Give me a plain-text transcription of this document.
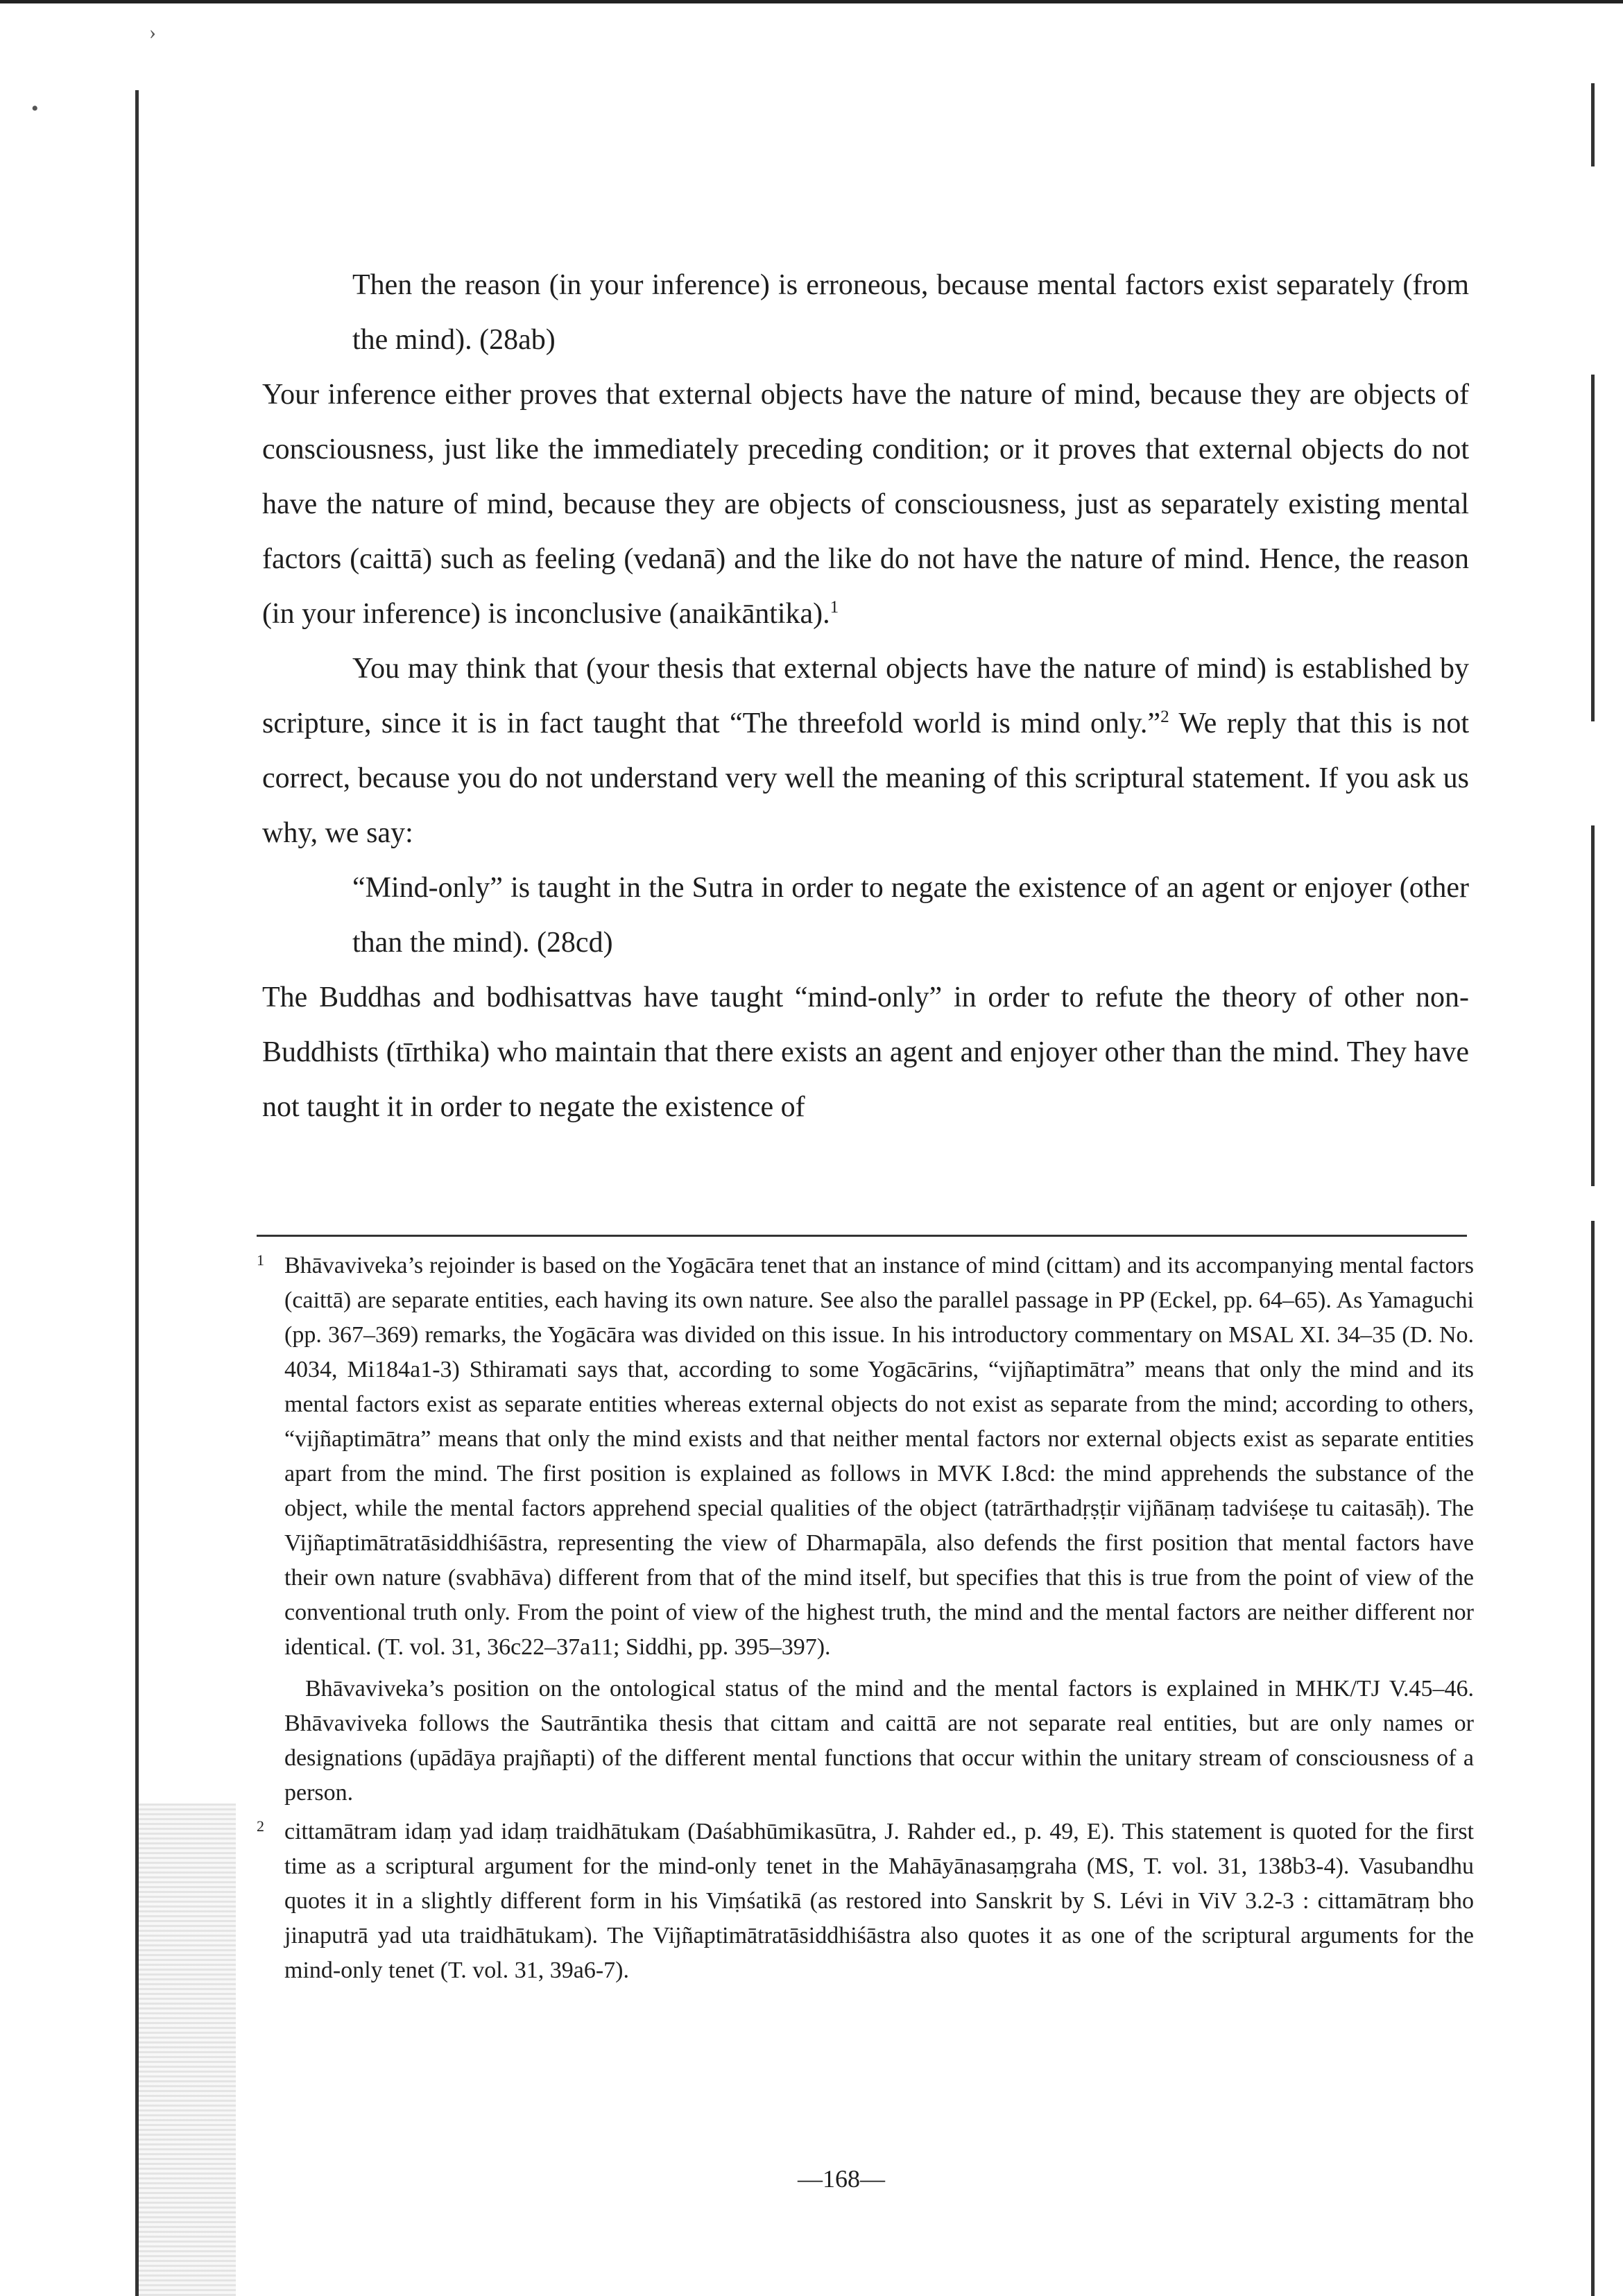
›
•

Then the reason (in your inference) is erroneous, because mental factors exist separately (from the mind). (28ab)

Your inference either proves that external objects have the nature of mind, because they are objects of consciousness, just like the immediately preceding condition; or it proves that external objects do not have the nature of mind, because they are objects of consciousness, just as separately existing mental factors (caittā) such as feeling (vedanā) and the like do not have the nature of mind. Hence, the reason (in your inference) is inconclusive (anaikāntika).$^1$

You may think that (your thesis that external objects have the nature of mind) is established by scripture, since it is in fact taught that “The threefold world is mind only.”$^2$ We reply that this is not correct, because you do not understand very well the meaning of this scriptural statement. If you ask us why, we say:

“Mind-only” is taught in the Sutra in order to negate the existence of an agent or enjoyer (other than the mind). (28cd)

The Buddhas and bodhisattvas have taught “mind-only” in order to refute the theory of other non-Buddhists (tīrthika) who maintain that there exists an agent and enjoyer other than the mind. They have not taught it in order to negate the existence of

1 Bhāvaviveka’s rejoinder is based on the Yogācāra tenet that an instance of mind (cittam) and its accompanying mental factors (caittā) are separate entities, each having its own nature. See also the parallel passage in PP (Eckel, pp. 64–65). As Yamaguchi (pp. 367–369) remarks, the Yogācāra was divided on this issue. In his introductory commentary on MSAL XI. 34–35 (D. No. 4034, Mi184a1-3) Sthiramati says that, according to some Yogācārins, “vijñaptimātra” means that only the mind and its mental factors exist as separate entities whereas external objects do not exist as separate from the mind; according to others, “vijñaptimātra” means that only the mind exists and that neither mental factors nor external objects exist as separate entities apart from the mind. The first position is explained as follows in MVK I.8cd: the mind apprehends the substance of the object, while the mental factors apprehend special qualities of the object (tatrārthadṛṣṭir vijñānaṃ tadviśeṣe tu caitasāḥ). The Vijñaptimātratāsiddhiśāstra, representing the view of Dharmapāla, also defends the first position that mental factors have their own nature (svabhāva) different from that of the mind itself, but specifies that this is true from the point of view of the conventional truth only. From the point of view of the highest truth, the mind and the mental factors are neither different nor identical. (T. vol. 31, 36c22–37a11; Siddhi, pp. 395–397).

Bhāvaviveka’s position on the ontological status of the mind and the mental factors is explained in MHK/TJ V.45–46. Bhāvaviveka follows the Sautrāntika thesis that cittam and caittā are not separate real entities, but are only names or designations (upādāya prajñapti) of the different mental functions that occur within the unitary stream of consciousness of a person.

2 cittamātram idaṃ yad idaṃ traidhātukam (Daśabhūmikasūtra, J. Rahder ed., p. 49, E). This statement is quoted for the first time as a scriptural argument for the mind-only tenet in the Mahāyānasaṃgraha (MS, T. vol. 31, 138b3-4). Vasubandhu quotes it in a slightly different form in his Viṃśatikā (as restored into Sanskrit by S. Lévi in ViV 3.2-3 : cittamātraṃ bho jinaputrā yad uta traidhātukam). The Vijñaptimātratāsiddhiśāstra also quotes it as one of the scriptural arguments for the mind-only tenet (T. vol. 31, 39a6-7).

—168—
